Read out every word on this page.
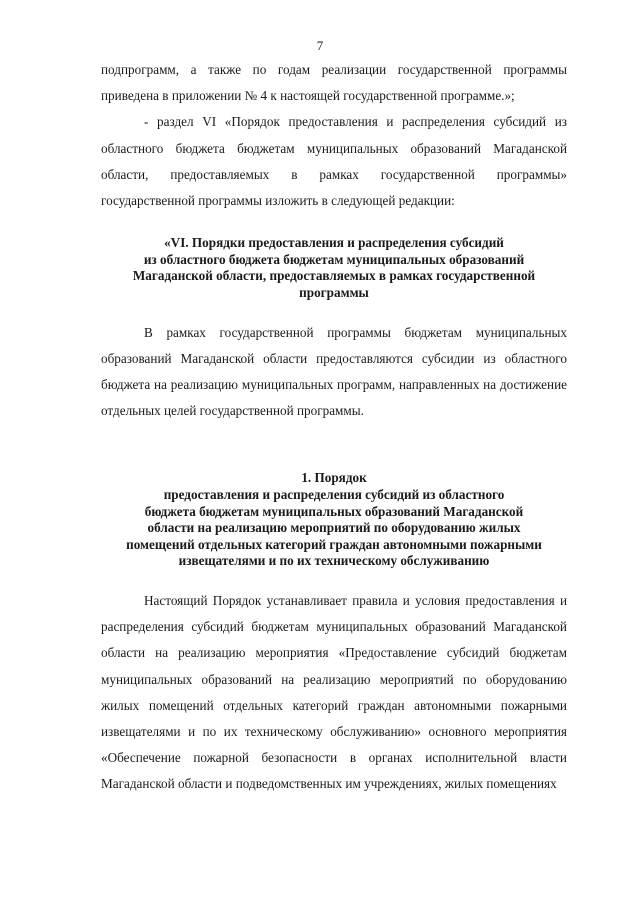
7

подпрограмм, а также по годам реализации государственной программы приведена в приложении № 4 к настоящей государственной программе.»;

- раздел VI «Порядок предоставления и распределения субсидий из областного бюджета бюджетам муниципальных образований Магаданской области, предоставляемых в рамках государственной программы» государственной программы изложить в следующей редакции:

«VI. Порядки предоставления и распределения субсидий

из областного бюджета бюджетам муниципальных образований

Магаданской области, предоставляемых в рамках государственной

программы

В рамках государственной программы бюджетам муниципальных образований Магаданской области предоставляются субсидии из областного бюджета на реализацию муниципальных программ, направленных на достижение отдельных целей государственной программы.

1. Порядок

предоставления и распределения субсидий из областного

бюджета бюджетам муниципальных образований Магаданской

области на реализацию мероприятий по оборудованию жилых

помещений отдельных категорий граждан автономными пожарными

извещателями и по их техническому обслуживанию

Настоящий Порядок устанавливает правила и условия предоставления и распределения субсидий бюджетам муниципальных образований Магаданской области на реализацию мероприятия «Предоставление субсидий бюджетам муниципальных образований на реализацию мероприятий по оборудованию жилых помещений отдельных категорий граждан автономными пожарными извещателями и по их техническому обслуживанию» основного мероприятия «Обеспечение пожарной безопасности в органах исполнительной власти Магаданской области и подведомственных им учреждениях, жилых помещениях
